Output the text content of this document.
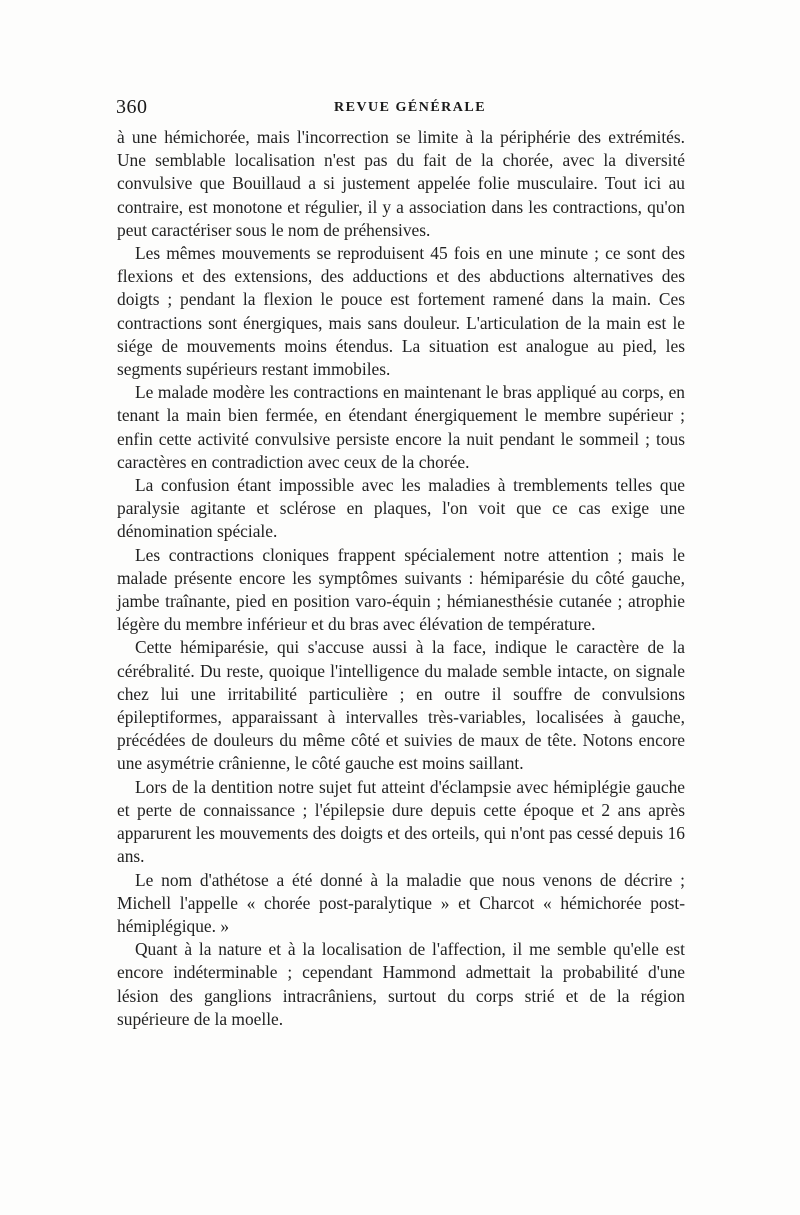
360	REVUE GÉNÉRALE

à une hémichorée, mais l'incorrection se limite à la périphérie des extrémités. Une semblable localisation n'est pas du fait de la chorée, avec la diversité convulsive que Bouillaud a si justement appelée folie musculaire. Tout ici au contraire, est monotone et régulier, il y a association dans les contractions, qu'on peut caractériser sous le nom de préhensives.

Les mêmes mouvements se reproduisent 45 fois en une minute ; ce sont des flexions et des extensions, des adductions et des abductions alternatives des doigts ; pendant la flexion le pouce est fortement ramené dans la main. Ces contractions sont énergiques, mais sans douleur. L'articulation de la main est le siége de mouvements moins étendus. La situation est analogue au pied, les segments supérieurs restant immobiles.

Le malade modère les contractions en maintenant le bras appliqué au corps, en tenant la main bien fermée, en étendant énergiquement le membre supérieur ; enfin cette activité convulsive persiste encore la nuit pendant le sommeil ; tous caractères en contradiction avec ceux de la chorée.

La confusion étant impossible avec les maladies à tremblements telles que paralysie agitante et sclérose en plaques, l'on voit que ce cas exige une dénomination spéciale.

Les contractions cloniques frappent spécialement notre attention ; mais le malade présente encore les symptômes suivants : hémiparésie du côté gauche, jambe traînante, pied en position varo-équin ; hémianesthésie cutanée ; atrophie légère du membre inférieur et du bras avec élévation de température.

Cette hémiparésie, qui s'accuse aussi à la face, indique le caractère de la cérébralité. Du reste, quoique l'intelligence du malade semble intacte, on signale chez lui une irritabilité particulière ; en outre il souffre de convulsions épileptiformes, apparaissant à intervalles très-variables, localisées à gauche, précédées de douleurs du même côté et suivies de maux de tête. Notons encore une asymétrie crânienne, le côté gauche est moins saillant.

Lors de la dentition notre sujet fut atteint d'éclampsie avec hémiplégie gauche et perte de connaissance ; l'épilepsie dure depuis cette époque et 2 ans après apparurent les mouvements des doigts et des orteils, qui n'ont pas cessé depuis 16 ans.

Le nom d'athétose a été donné à la maladie que nous venons de décrire ; Michell l'appelle « chorée post-paralytique » et Charcot « hémichorée post-hémiplégique. »

Quant à la nature et à la localisation de l'affection, il me semble qu'elle est encore indéterminable ; cependant Hammond admettait la probabilité d'une lésion des ganglions intracrâniens, surtout du corps strié et de la région supérieure de la moelle.
